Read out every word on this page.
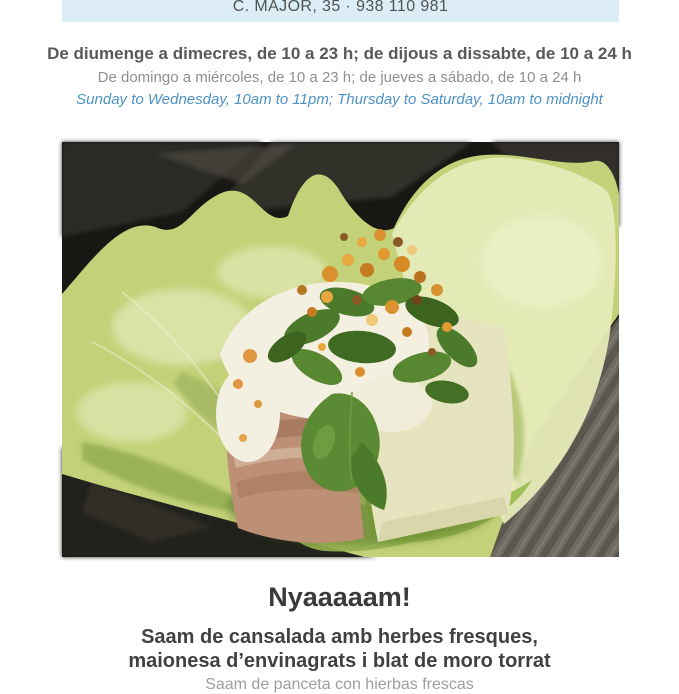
C. MAJOR, 35 · 938 110 981

De diumenge a dimecres, de 10 a 23 h; de dijous a dissabte, de 10 a 24 h

De domingo a miércoles, de 10 a 23 h; de jueves a sábado, de 10 a 24 h

Sunday to Wednesday, 10am to 11pm; Thursday to Saturday, 10am to midnight

Nyaaaaam!

Saam de cansalada amb herbes fresques,
maionesa d’envinagrats i blat de moro torrat

Saam de panceta con hierbas frescas
